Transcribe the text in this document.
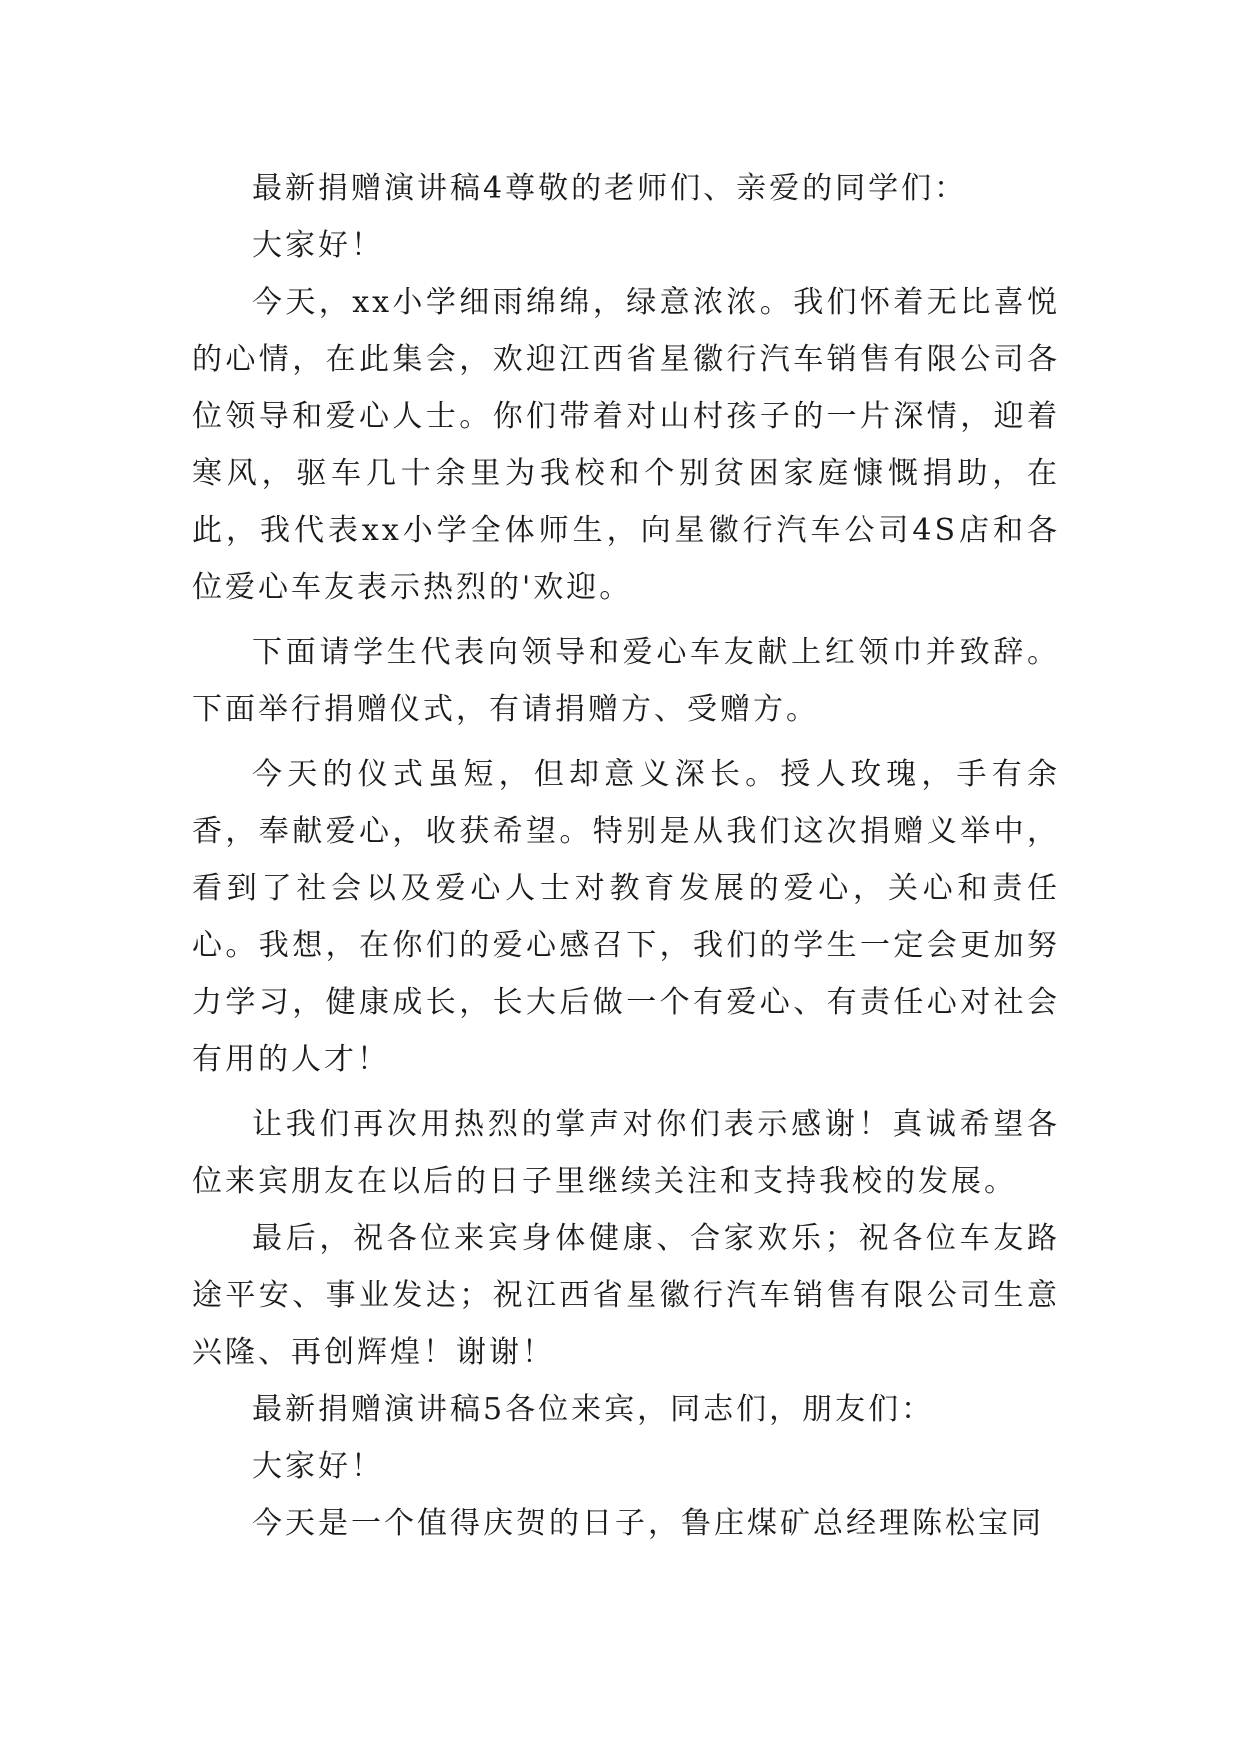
最新捐赠演讲稿4尊敬的老师们、亲爱的同学们：

大家好！

今天，xx小学细雨绵绵，绿意浓浓。我们怀着无比喜悦的心情，在此集会，欢迎江西省星徽行汽车销售有限公司各位领导和爱心人士。你们带着对山村孩子的一片深情，迎着寒风，驱车几十余里为我校和个别贫困家庭慷慨捐助，在此，我代表xx小学全体师生，向星徽行汽车公司4S店和各位爱心车友表示热烈的'欢迎。

下面请学生代表向领导和爱心车友献上红领巾并致辞。下面举行捐赠仪式，有请捐赠方、受赠方。

今天的仪式虽短，但却意义深长。授人玫瑰，手有余香，奉献爱心，收获希望。特别是从我们这次捐赠义举中，看到了社会以及爱心人士对教育发展的爱心，关心和责任心。我想，在你们的爱心感召下，我们的学生一定会更加努力学习，健康成长，长大后做一个有爱心、有责任心对社会有用的人才！

让我们再次用热烈的掌声对你们表示感谢！真诚希望各位来宾朋友在以后的日子里继续关注和支持我校的发展。

最后，祝各位来宾身体健康、合家欢乐；祝各位车友路途平安、事业发达；祝江西省星徽行汽车销售有限公司生意兴隆、再创辉煌！谢谢！

最新捐赠演讲稿5各位来宾，同志们，朋友们：

大家好！

今天是一个值得庆贺的日子，鲁庄煤矿总经理陈松宝同
